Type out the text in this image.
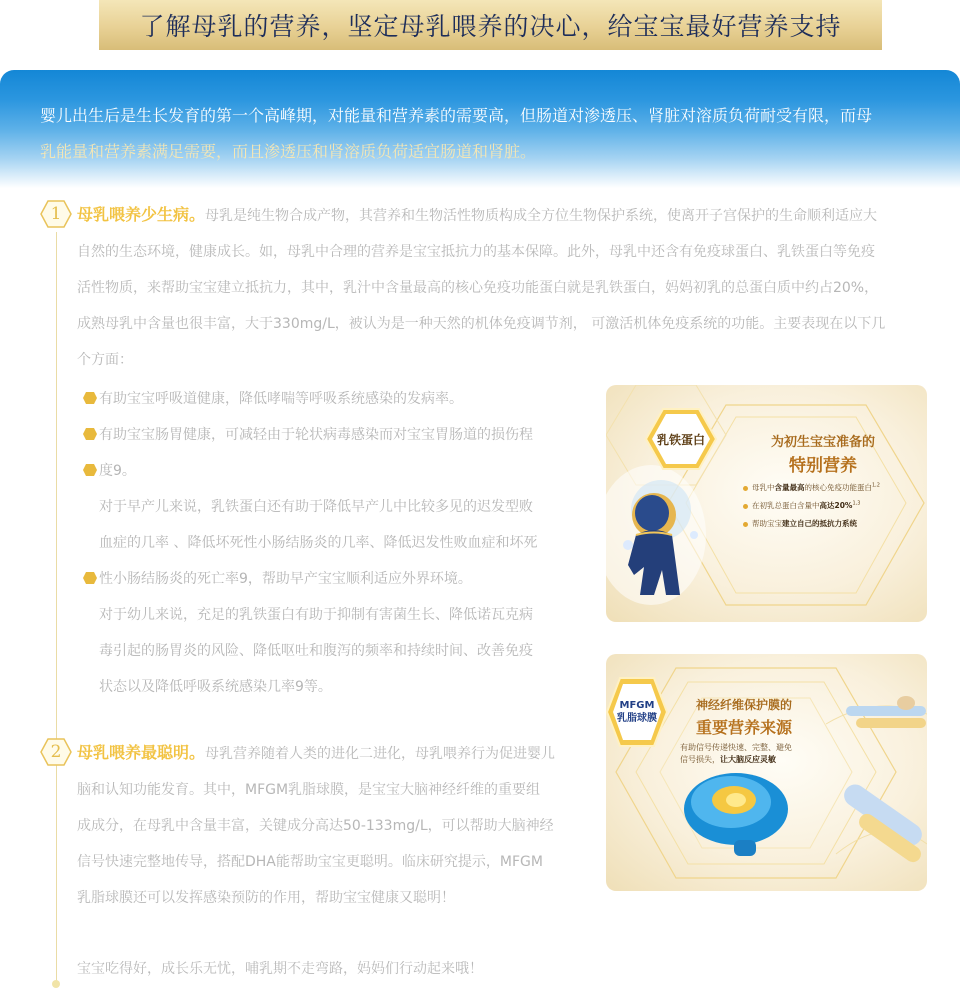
了解母乳的营养，坚定母乳喂养的决心，给宝宝最好营养支持

婴儿出生后是生长发育的第一个高峰期，对能量和营养素的需要高，但肠道对渗透压、肾脏对溶质负荷耐受有限，而母

乳能量和营养素满足需要，而且渗透压和肾溶质负荷适宜肠道和肾脏。

1 母乳喂养少生病。母乳是纯生物合成产物，其营养和生物活性物质构成全方位生物保护系统，使离开子宫保护的生命顺利适应大
自然的生态环境，健康成长。如，母乳中合理的营养是宝宝抵抗力的基本保障。此外，母乳中还含有免疫球蛋白、乳铁蛋白等免疫
活性物质，来帮助宝宝建立抵抗力，其中，乳汁中含量最高的核心免疫功能蛋白就是乳铁蛋白，妈妈初乳的总蛋白质中约占20%，
成熟母乳中含量也很丰富，大于330mg/L，被认为是一种天然的机体免疫调节剂， 可激活机体免疫系统的功能。主要表现在以下几
个方面：
有助宝宝呼吸道健康，降低哮喘等呼吸系统感染的发病率。
有助宝宝肠胃健康，可减轻由于轮状病毒感染而对宝宝胃肠道的损伤程
度9。
对于早产儿来说，乳铁蛋白还有助于降低早产儿中比较多见的迟发型败
血症的几率 、降低坏死性小肠结肠炎的几率、降低迟发性败血症和坏死
性小肠结肠炎的死亡率9，帮助早产宝宝顺利适应外界环境。
对于幼儿来说，充足的乳铁蛋白有助于抑制有害菌生长、降低诺瓦克病
毒引起的肠胃炎的风险、降低呕吐和腹泻的频率和持续时间、改善免疫
状态以及降低呼吸系统感染几率9等。
乳铁蛋白	为初生宝宝准备的
特别营养
母乳中含量最高的核心免疫功能蛋白$^{1,2}$
在初乳总蛋白含量中高达20%$^{1,3}$
帮助宝宝建立自己的抵抗力系统
MFGM
乳脂球膜
神经纤维保护膜的
重要营养来源
有助信号传递快速、完整、避免
信号损失，让大脑反应灵敏
2 母乳喂养最聪明。母乳营养随着人类的进化二进化，母乳喂养行为促进婴儿
脑和认知功能发育。其中，MFGM乳脂球膜，是宝宝大脑神经纤维的重要组
成成分，在母乳中含量丰富，关键成分高达50-133mg/L，可以帮助大脑神经
信号快速完整地传导，搭配DHA能帮助宝宝更聪明。临床研究提示，MFGM
乳脂球膜还可以发挥感染预防的作用，帮助宝宝健康又聪明！
宝宝吃得好，成长乐无忧，哺乳期不走弯路，妈妈们行动起来哦！
